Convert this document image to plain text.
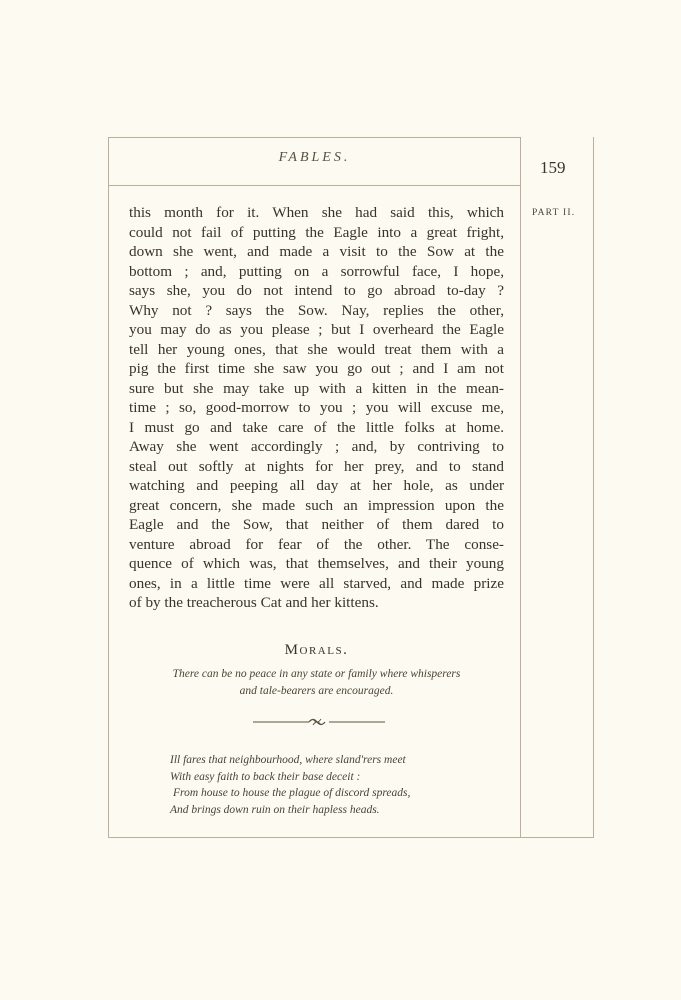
FABLES.
159
PART II.
this month for it. When she had said this, which
could not fail of putting the Eagle into a great fright,
down she went, and made a visit to the Sow at the
bottom ; and, putting on a sorrowful face, I hope,
says she, you do not intend to go abroad to-day ?
Why not ? says the Sow. Nay, replies the other,
you may do as you please ; but I overheard the Eagle
tell her young ones, that she would treat them with a
pig the first time she saw you go out ; and I am not
sure but she may take up with a kitten in the mean-
time ; so, good-morrow to you ; you will excuse me,
I must go and take care of the little folks at home.
Away she went accordingly ; and, by contriving to
steal out softly at nights for her prey, and to stand
watching and peeping all day at her hole, as under
great concern, she made such an impression upon the
Eagle and the Sow, that neither of them dared to
venture abroad for fear of the other. The conse-
quence of which was, that themselves, and their young
ones, in a little time were all starved, and made prize
of by the treacherous Cat and her kittens.
Morals.
There can be no peace in any state or family where whisperers
and tale-bearers are encouraged.
Ill fares that neighbourhood, where sland'rers meet
With easy faith to back their base deceit :
From house to house the plague of discord spreads,
And brings down ruin on their hapless heads.
